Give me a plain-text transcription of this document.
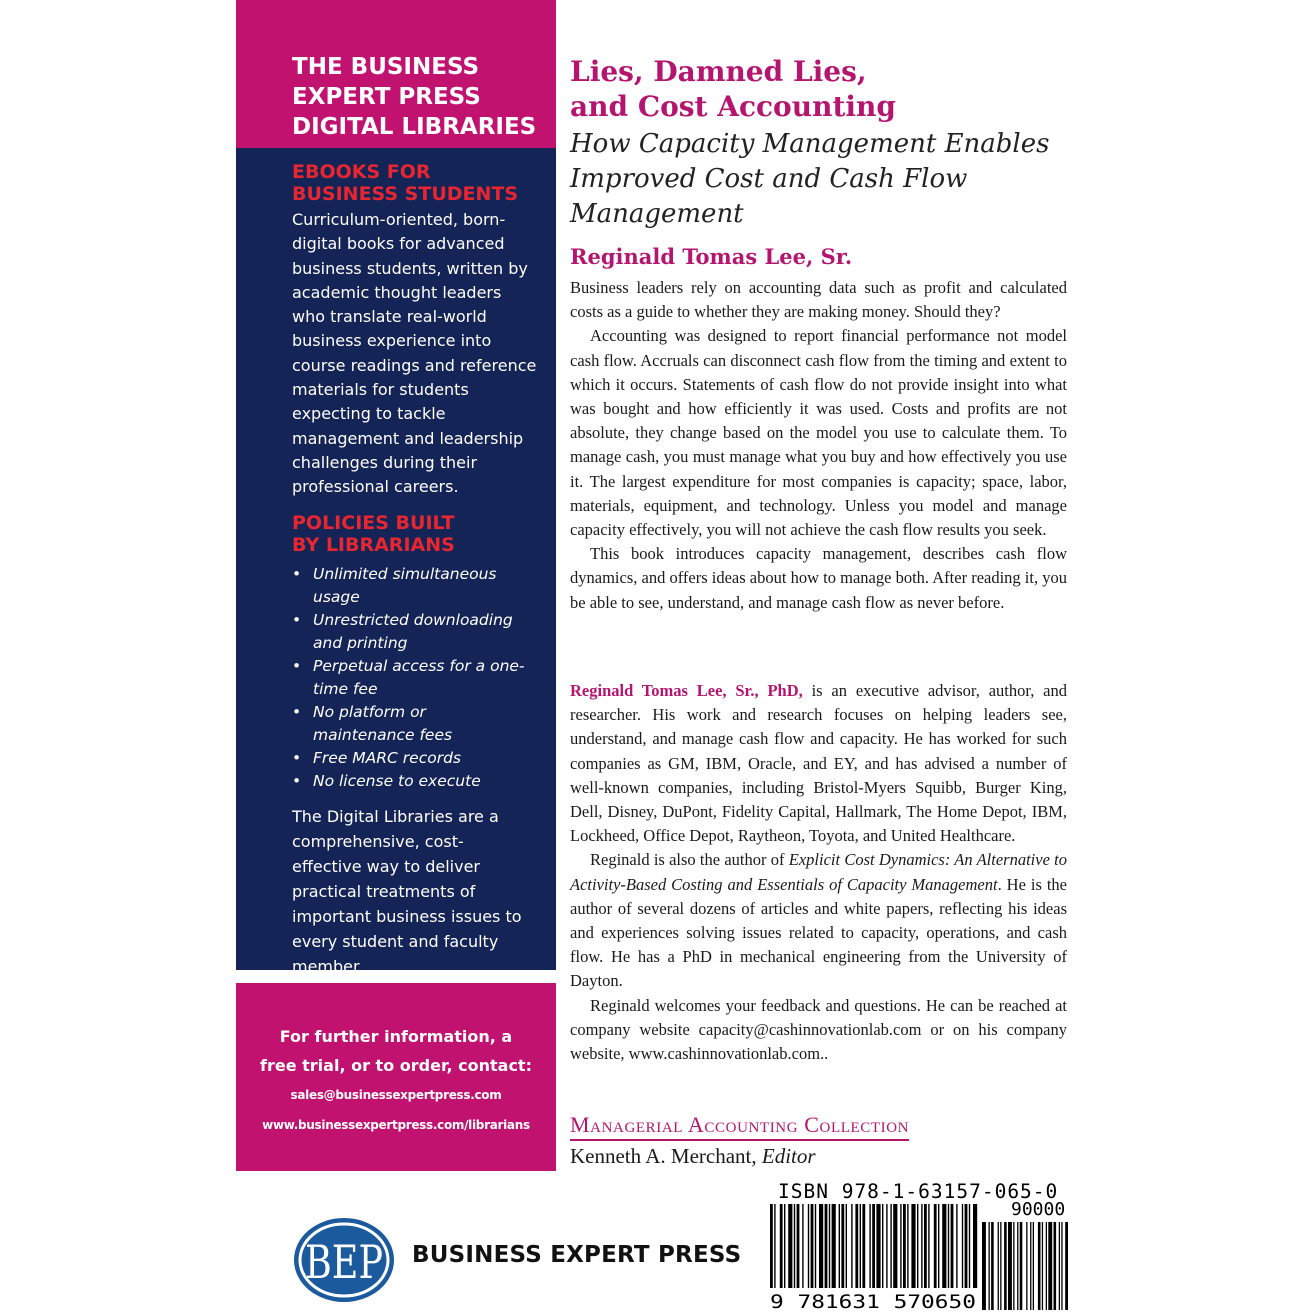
THE BUSINESS
EXPERT PRESS
DIGITAL LIBRARIES
EBOOKS FOR
BUSINESS STUDENTS
Curriculum-oriented, born-digital books for advanced business students, written by academic thought leaders who translate real-world business experience into course readings and reference materials for students expecting to tackle management and leadership challenges during their professional careers.
POLICIES BUILT
BY LIBRARIANS
• Unlimited simultaneous usage
• Unrestricted downloading and printing
• Perpetual access for a one-time fee
• No platform or maintenance fees
• Free MARC records
• No license to execute
The Digital Libraries are a comprehensive, cost-effective way to deliver practical treatments of important business issues to every student and faculty member.
For further information, a
free trial, or to order, contact:
sales@businessexpertpress.com
www.businessexpertpress.com/librarians
Lies, Damned Lies,
and Cost Accounting
How Capacity Management Enables
Improved Cost and Cash Flow
Management
Reginald Tomas Lee, Sr.

Business leaders rely on accounting data such as profit and calculated costs as a guide to whether they are making money. Should they?

Accounting was designed to report financial performance not model cash flow. Accruals can disconnect cash flow from the timing and extent to which it occurs. Statements of cash flow do not provide insight into what was bought and how efficiently it was used. Costs and profits are not absolute, they change based on the model you use to calculate them. To manage cash, you must manage what you buy and how effectively you use it. The largest expenditure for most companies is capacity; space, labor, materials, equipment, and technology. Unless you model and manage capacity effectively, you will not achieve the cash flow results you seek.

This book introduces capacity management, describes cash flow dynamics, and offers ideas about how to manage both. After reading it, you be able to see, understand, and manage cash flow as never before.

Reginald Tomas Lee, Sr., PhD, is an executive advisor, author, and researcher. His work and research focuses on helping leaders see, understand, and manage cash flow and capacity. He has worked for such companies as GM, IBM, Oracle, and EY, and has advised a number of well-known companies, including Bristol-Myers Squibb, Burger King, Dell, Disney, DuPont, Fidelity Capital, Hallmark, The Home Depot, IBM, Lockheed, Office Depot, Raytheon, Toyota, and United Healthcare.

Reginald is also the author of Explicit Cost Dynamics: An Alternative to Activity-Based Costing and Essentials of Capacity Management. He is the author of several dozens of articles and white papers, reflecting his ideas and experiences solving issues related to capacity, operations, and cash flow. He has a PhD in mechanical engineering from the University of Dayton.

Reginald welcomes your feedback and questions. He can be reached at company website capacity@cashinnovationlab.com or on his company website, www.cashinnovationlab.com..

Managerial Accounting Collection
Kenneth A. Merchant, Editor
ISBN 978-1-63157-065-0
9 781631 570650
90000
BEP BUSINESS EXPERT PRESS
